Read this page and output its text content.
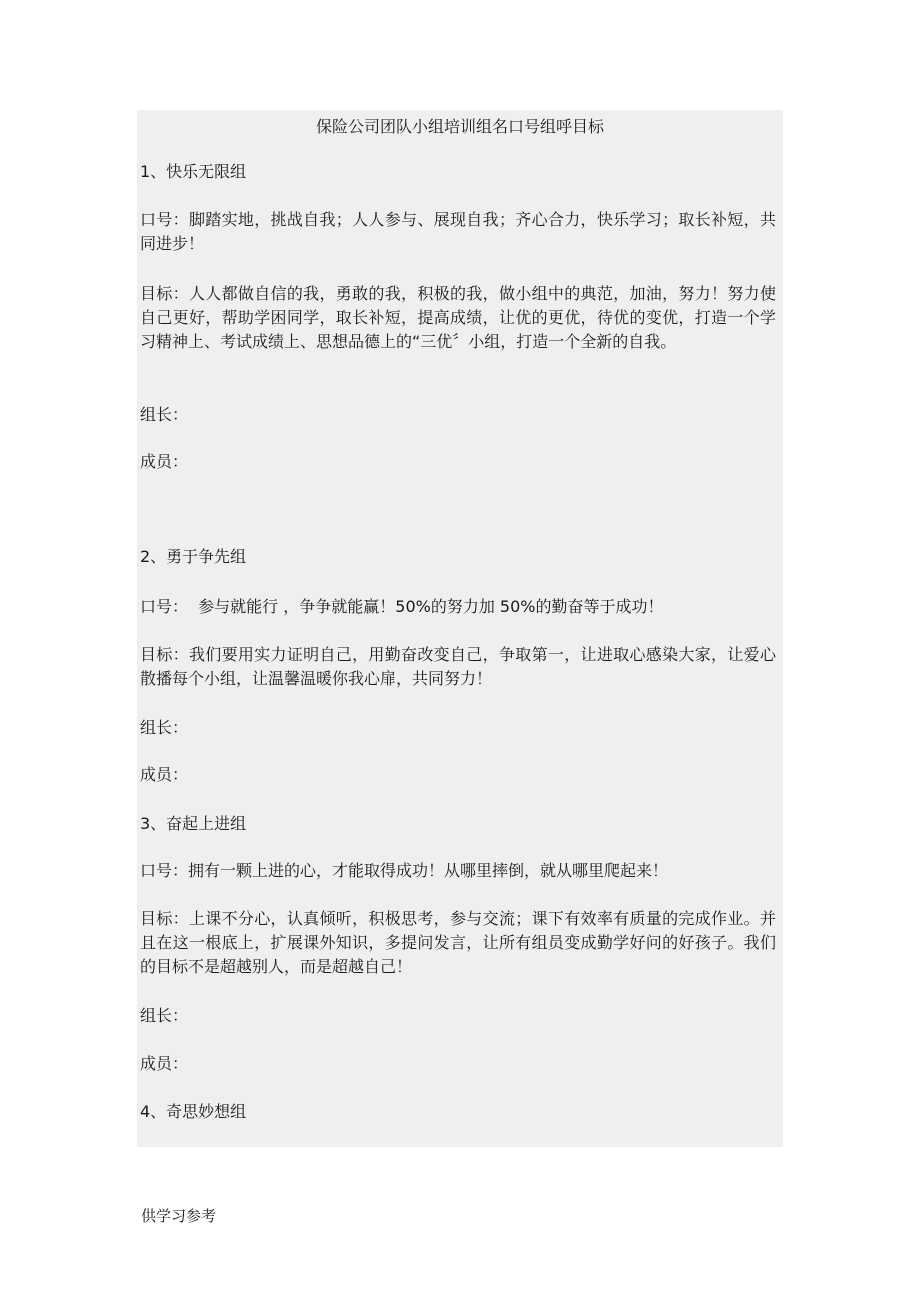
保险公司团队小组培训组名口号组呼目标
1、快乐无限组
口号：脚踏实地，挑战自我；人人参与、展现自我；齐心合力，快乐学习；取长补短，共同进步！
目标：人人都做自信的我，勇敢的我，积极的我，做小组中的典范，加油，努力！努力使自己更好，帮助学困同学，取长补短，提高成绩，让优的更优，待优的变优，打造一个学习精神上、考试成绩上、思想品德上的“三优〞小组，打造一个全新的自我。
组长：
成员：
2、勇于争先组
口号：  参与就能行 ，争争就能赢！50%的努力加 50%的勤奋等于成功！
目标：我们要用实力证明自己，用勤奋改变自己，争取第一，让进取心感染大家，让爱心散播每个小组，让温馨温暖你我心扉，共同努力！
组长：
成员：
3、奋起上进组
口号：拥有一颗上进的心，才能取得成功！从哪里摔倒，就从哪里爬起来！
目标：上课不分心，认真倾听，积极思考，参与交流；课下有效率有质量的完成作业。并且在这一根底上，扩展课外知识，多提问发言，让所有组员变成勤学好问的好孩子。我们的目标不是超越别人，而是超越自己！
组长：
成员：
4、奇思妙想组
供学习参考
